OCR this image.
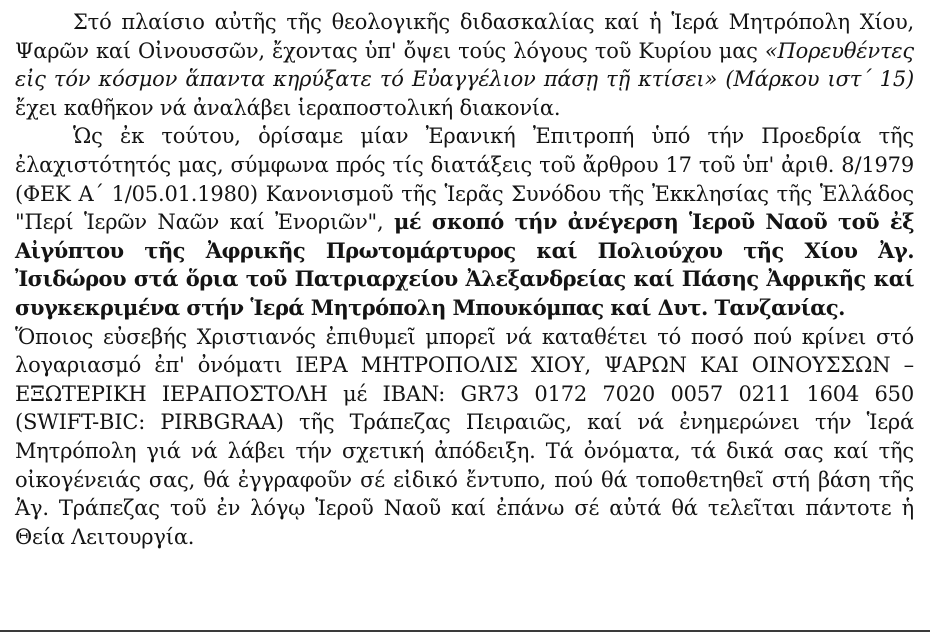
Στό πλαίσιο αὐτῆς τῆς θεολογικῆς διδασκαλίας καί ἡ Ἱερά Μητρόπολη Χίου, Ψαρῶν καί Οἰνουσσῶν, ἔχοντας ὑπ' ὄψει τούς λόγους τοῦ Κυρίου μας «Πορευθέντες εἰς τόν κόσμον ἅπαντα κηρύξατε τό Εὐαγγέλιον πάσῃ τῇ κτίσει» (Μάρκου ιστ΄ 15) ἔχει καθῆκον νά ἀναλάβει ἱεραποστολική διακονία.

Ὡς ἐκ τούτου, ὁρίσαμε μίαν Ἐρανική Ἐπιτροπή ὑπό τήν Προεδρία τῆς ἐλαχιστότητός μας, σύμφωνα πρός τίς διατάξεις τοῦ ἄρθρου 17 τοῦ ὑπ' ἀριθ. 8/1979 (ΦΕΚ Α΄ 1/05.01.1980) Κανονισμοῦ τῆς Ἱερᾶς Συνόδου τῆς Ἐκκλησίας τῆς Ἑλλάδος "Περί Ἱερῶν Ναῶν καί Ἐνοριῶν", μέ σκοπό τήν ἀνέγερση Ἱεροῦ Ναοῦ τοῦ ἐξ Αἰγύπτου τῆς Ἀφρικῆς Πρωτομάρτυρος καί Πολιούχου τῆς Χίου Ἀγ. Ἰσιδώρου στά ὅρια τοῦ Πατριαρχείου Ἀλεξανδρείας καί Πάσης Ἀφρικῆς καί συγκεκριμένα στήν Ἱερά Μητρόπολη Μπουκόμπας καί Δυτ. Τανζανίας.

Ὅποιος εὐσεβής Χριστιανός ἐπιθυμεῖ μπορεῖ νά καταθέτει τό ποσό πού κρίνει στό λογαριασμό ἐπ' ὀνόματι ΙΕΡΑ ΜΗΤΡΟΠΟΛΙΣ ΧΙΟΥ, ΨΑΡΩΝ ΚΑΙ ΟΙΝΟΥΣΣΩΝ – ΕΞΩΤΕΡΙΚΗ ΙΕΡΑΠΟΣΤΟΛΗ μέ IBAN: GR73 0172 7020 0057 0211 1604 650 (SWIFT-BIC: PIRBGRAA) τῆς Τράπεζας Πειραιῶς, καί νά ἐνημερώνει τήν Ἱερά Μητρόπολη γιά νά λάβει τήν σχετική ἀπόδειξη. Τά ὀνόματα, τά δικά σας καί τῆς οἰκογένειάς σας, θά ἐγγραφοῦν σέ εἰδικό ἔντυπο, πού θά τοποθετηθεῖ στή βάση τῆς Ἁγ. Τράπεζας τοῦ ἐν λόγῳ Ἱεροῦ Ναοῦ καί ἐπάνω σέ αὐτά θά τελεῖται πάντοτε ἡ Θεία Λειτουργία.
